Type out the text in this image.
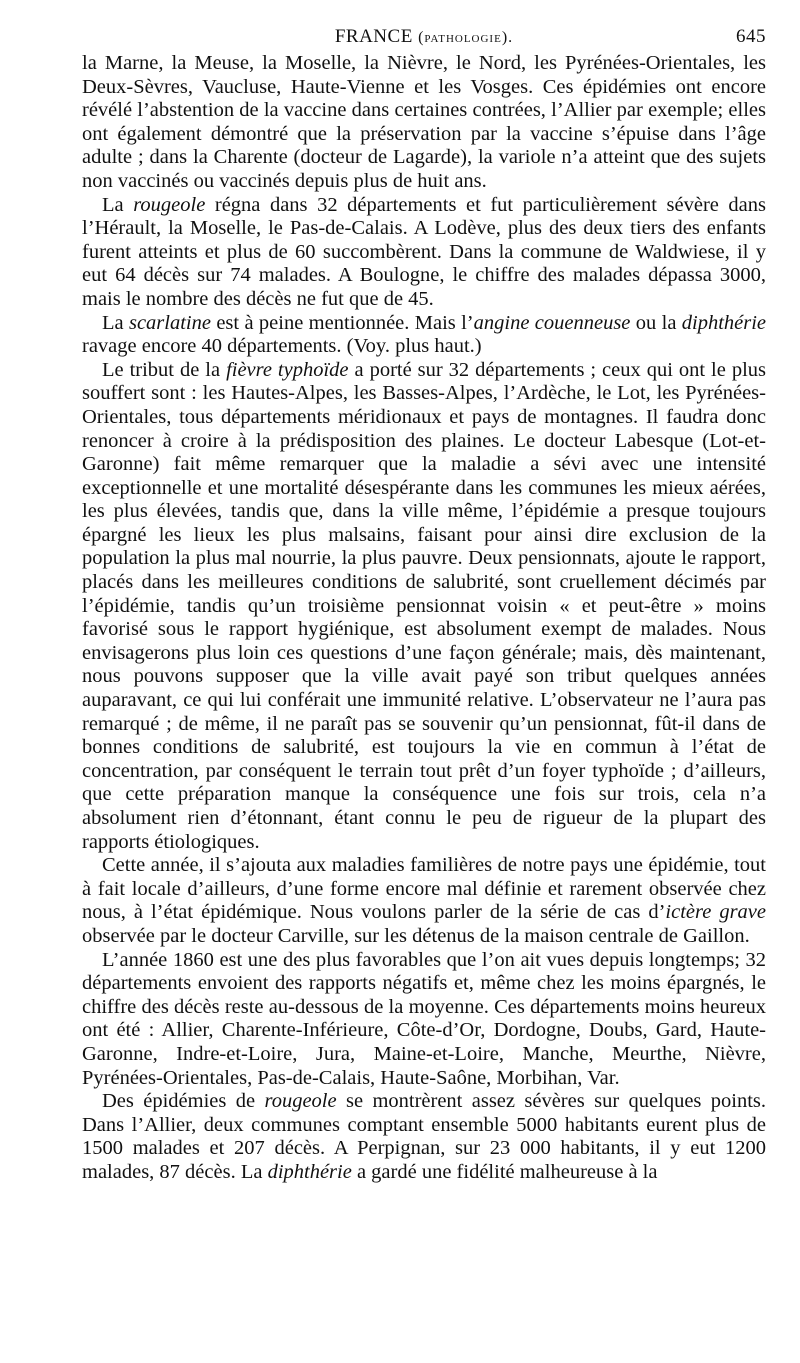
FRANCE (pathologie).	645

la Marne, la Meuse, la Moselle, la Nièvre, le Nord, les Pyrénées-Orientales, les Deux-Sèvres, Vaucluse, Haute-Vienne et les Vosges. Ces épidémies ont encore révélé l’abstention de la vaccine dans certaines contrées, l’Allier par exemple; elles ont également démontré que la préservation par la vaccine s’épuise dans l’âge adulte ; dans la Charente (docteur de Lagarde), la variole n’a atteint que des sujets non vaccinés ou vaccinés depuis plus de huit ans.

La rougeole régna dans 32 départements et fut particulièrement sévère dans l’Hérault, la Moselle, le Pas-de-Calais. A Lodève, plus des deux tiers des enfants furent atteints et plus de 60 succombèrent. Dans la commune de Waldwiese, il y eut 64 décès sur 74 malades. A Boulogne, le chiffre des malades dépassa 3000, mais le nombre des décès ne fut que de 45.

La scarlatine est à peine mentionnée. Mais l’angine couenneuse ou la diphthérie ravage encore 40 départements. (Voy. plus haut.)

Le tribut de la fièvre typhoïde a porté sur 32 départements ; ceux qui ont le plus souffert sont : les Hautes-Alpes, les Basses-Alpes, l’Ardèche, le Lot, les Pyrénées-Orientales, tous départements méridionaux et pays de montagnes. Il faudra donc renoncer à croire à la prédisposition des plaines. Le docteur Labesque (Lot-et-Garonne) fait même remarquer que la maladie a sévi avec une intensité exceptionnelle et une mortalité désespérante dans les communes les mieux aérées, les plus élevées, tandis que, dans la ville même, l’épidémie a presque toujours épargné les lieux les plus malsains, faisant pour ainsi dire exclusion de la population la plus mal nourrie, la plus pauvre. Deux pensionnats, ajoute le rapport, placés dans les meilleures conditions de salubrité, sont cruellement décimés par l’épidémie, tandis qu’un troisième pensionnat voisin « et peut-être » moins favorisé sous le rapport hygiénique, est absolument exempt de malades. Nous envisagerons plus loin ces questions d’une façon générale; mais, dès maintenant, nous pouvons supposer que la ville avait payé son tribut quelques années auparavant, ce qui lui conférait une immunité relative. L’observateur ne l’aura pas remarqué ; de même, il ne paraît pas se souvenir qu’un pensionnat, fût-il dans de bonnes conditions de salubrité, est toujours la vie en commun à l’état de concentration, par conséquent le terrain tout prêt d’un foyer typhoïde ; d’ailleurs, que cette préparation manque la conséquence une fois sur trois, cela n’a absolument rien d’étonnant, étant connu le peu de rigueur de la plupart des rapports étiologiques.

Cette année, il s’ajouta aux maladies familières de notre pays une épidémie, tout à fait locale d’ailleurs, d’une forme encore mal définie et rarement observée chez nous, à l’état épidémique. Nous voulons parler de la série de cas d’ictère grave observée par le docteur Carville, sur les détenus de la maison centrale de Gaillon.

L’année 1860 est une des plus favorables que l’on ait vues depuis longtemps; 32 départements envoient des rapports négatifs et, même chez les moins épargnés, le chiffre des décès reste au-dessous de la moyenne. Ces départements moins heureux ont été : Allier, Charente-Inférieure, Côte-d’Or, Dordogne, Doubs, Gard, Haute-Garonne, Indre-et-Loire, Jura, Maine-et-Loire, Manche, Meurthe, Nièvre, Pyrénées-Orientales, Pas-de-Calais, Haute-Saône, Morbihan, Var.

Des épidémies de rougeole se montrèrent assez sévères sur quelques points. Dans l’Allier, deux communes comptant ensemble 5000 habitants eurent plus de 1500 malades et 207 décès. A Perpignan, sur 23 000 habitants, il y eut 1200 malades, 87 décès. La diphthérie a gardé une fidélité malheureuse à la
